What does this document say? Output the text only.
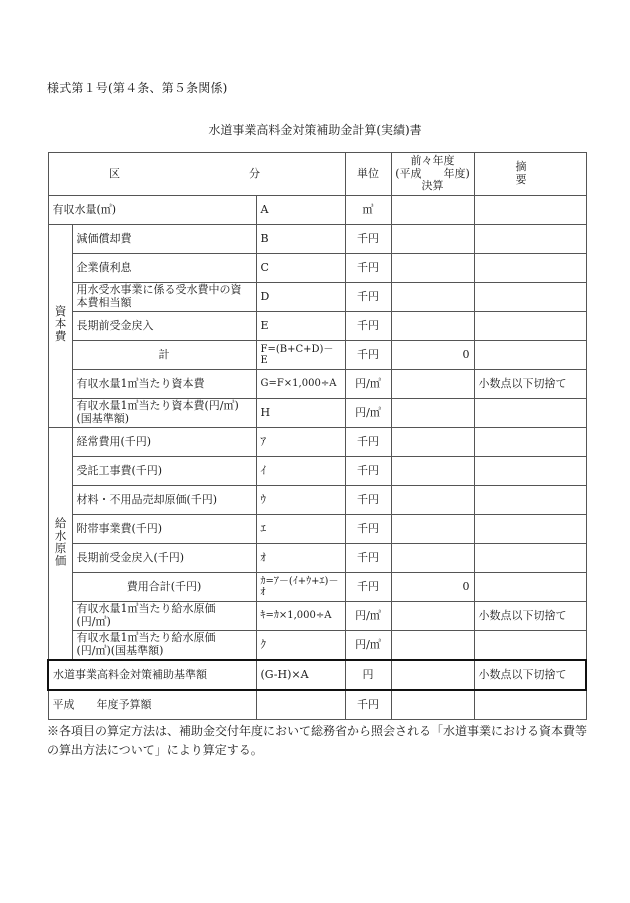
様式第１号(第４条、第５条関係)
水道事業高料金対策補助金計算(実績)書
区　　　分			単位	前々年度
(平成　　年度)
決算	摘　　要
有収水量(㎥)		A	㎥		
資本費	減価償却費	B	千円		
	企業債利息	C	千円		
	用水受水事業に係る受水費中の資本費相当額	D	千円		
	長期前受金戻入	E	千円		
	計	F=(B+C+D)－E	千円	0	
	有収水量1㎥当たり資本費	G=F×1,000÷A	円/㎥		小数点以下切捨て

	有収水量1㎥当たり資本費(円/㎥)
(国基準額)	H	円/㎥		
給水原価	経常費用(千円)	ｱ	千円		
	受託工事費(千円)	ｲ	千円		
	材料・不用品売却原価(千円)	ｳ	千円		
	附帯事業費(千円)	ｴ	千円		
	長期前受金戻入(千円)	ｵ	千円		
	費用合計(千円)	ｶ=ｱ－(ｲ+ｳ+ｴ)－ｵ	千円	0	

	有収水量1㎥当たり給水原価
(円/㎥)	ｷ=ｶ×1,000÷A	円/㎥		小数点以下切捨て

	有収水量1㎥当たり給水原価
(円/㎥)(国基準額)	ｸ	円/㎥		
水道事業高料金対策補助基準額		(G-H)×A	円		小数点以下切捨て
平成　　年度予算額			千円		
※各項目の算定方法は、補助金交付年度において総務省から照会される「水道事業における資本費等の算出方法について」により算定する。
